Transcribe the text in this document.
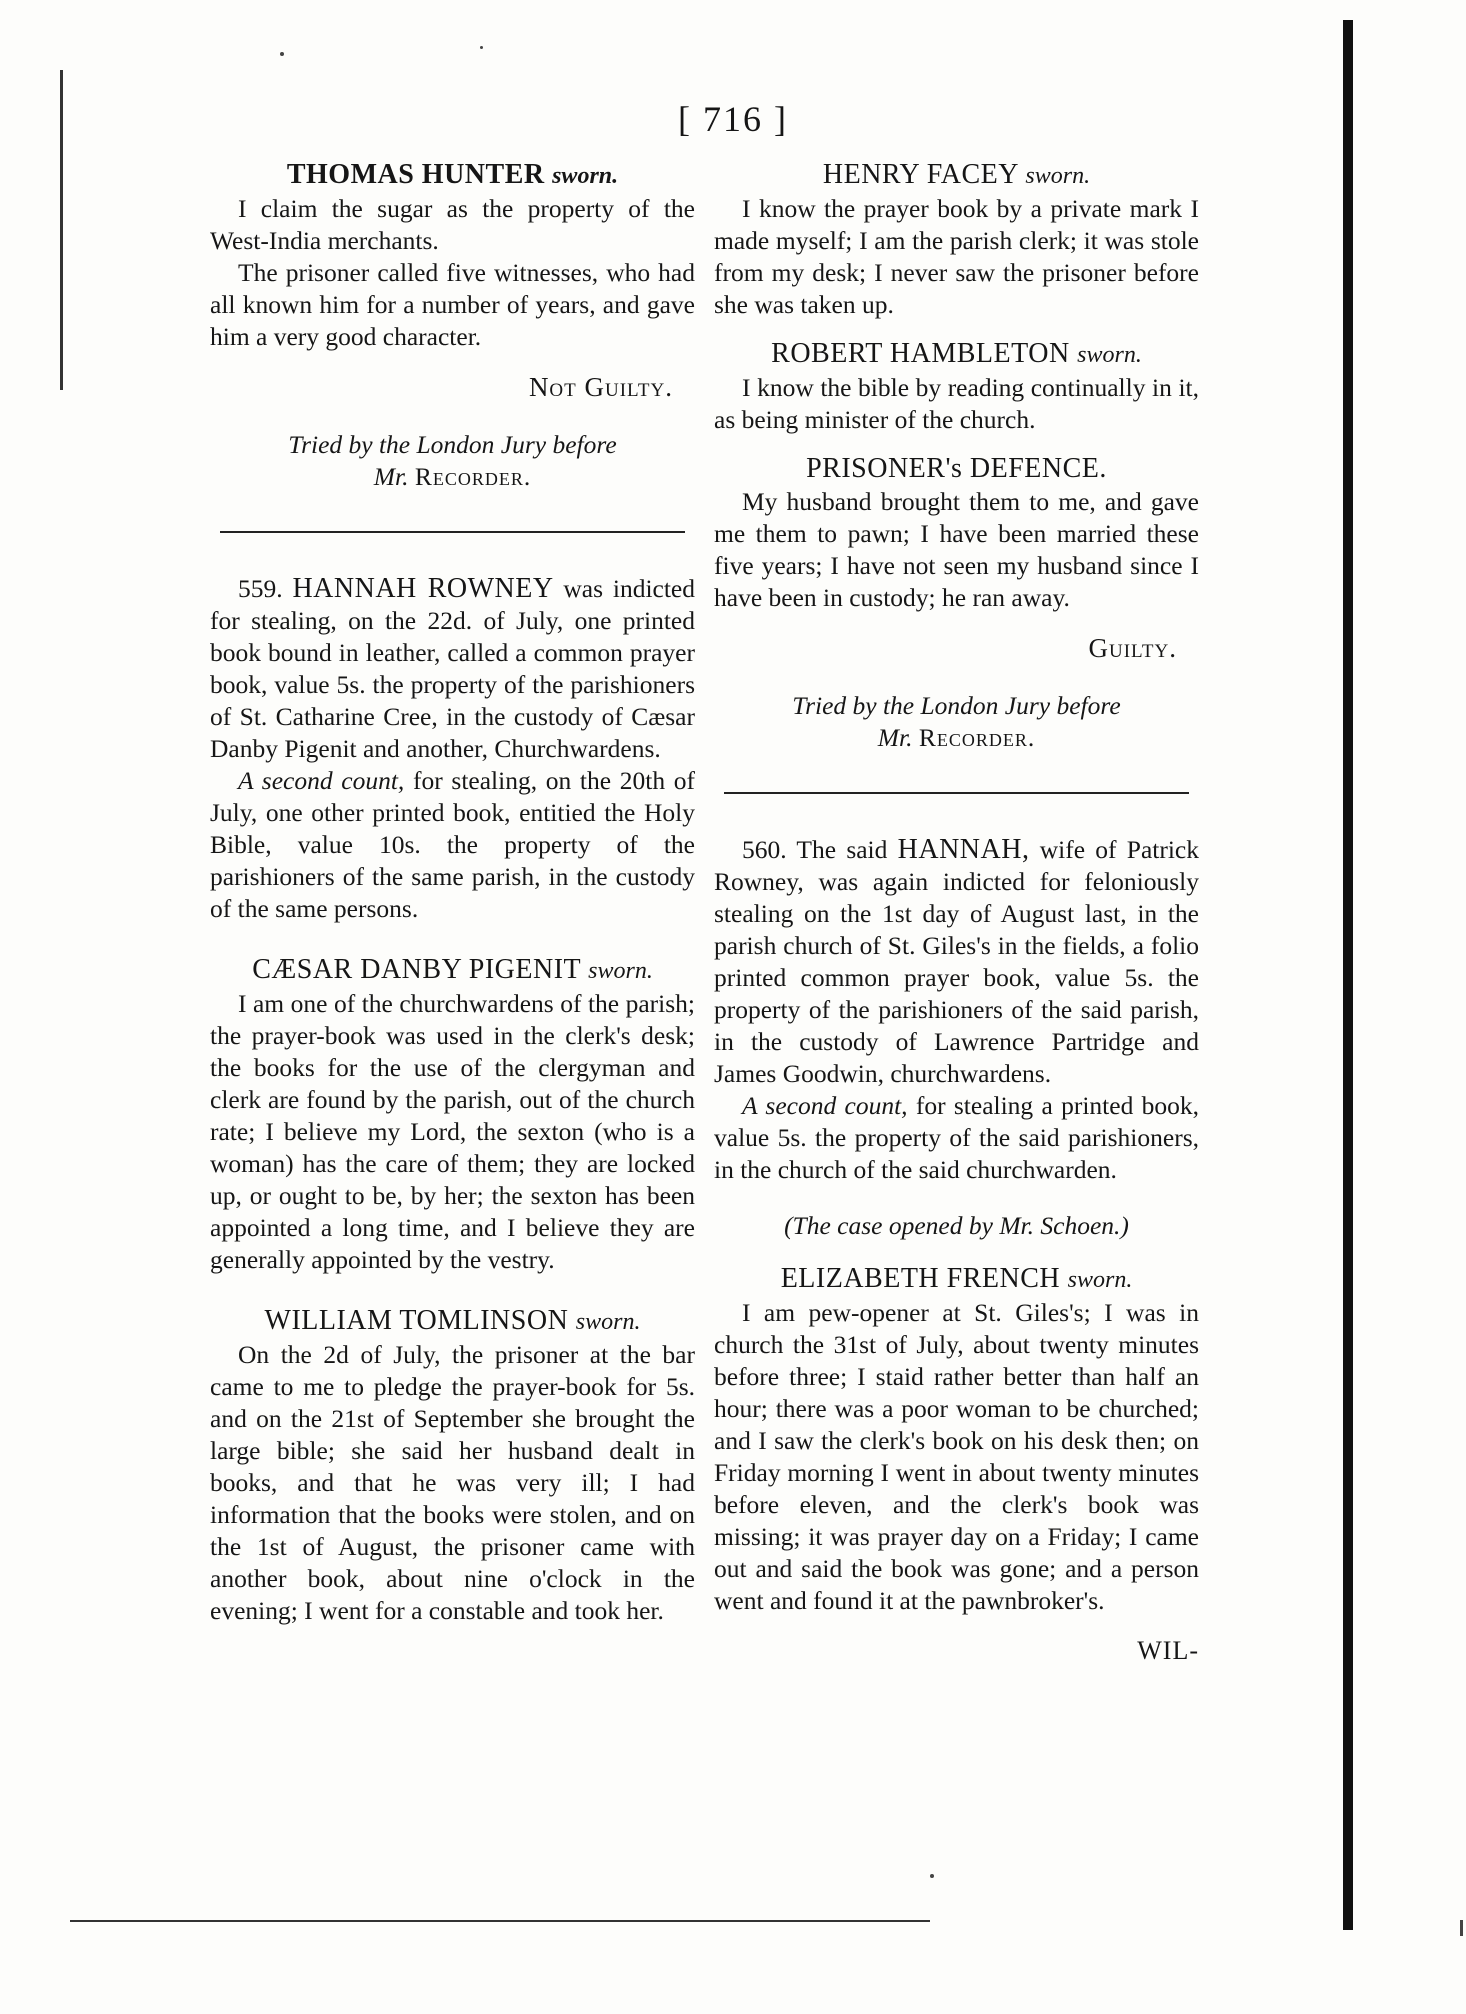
[ 716 ]

THOMAS HUNTER sworn.

I claim the sugar as the property of the West-India merchants.

The prisoner called five witnesses, who had all known him for a number of years, and gave him a very good character.

Not Guilty.

Tried by the London Jury before
Mr. Recorder.

559. HANNAH ROWNEY was indicted for stealing, on the 22d. of July, one printed book bound in leather, called a common prayer book, value 5s. the property of the parishioners of St. Catharine Cree, in the custody of Cæsar Danby Pigenit and another, Churchwardens.

A second count, for stealing, on the 20th of July, one other printed book, entitied the Holy Bible, value 10s. the property of the parishioners of the same parish, in the custody of the same persons.

CÆSAR DANBY PIGENIT sworn.

I am one of the churchwardens of the parish; the prayer-book was used in the clerk's desk; the books for the use of the clergyman and clerk are found by the parish, out of the church rate; I believe my Lord, the sexton (who is a woman) has the care of them; they are locked up, or ought to be, by her; the sexton has been appointed a long time, and I believe they are generally appointed by the vestry.

WILLIAM TOMLINSON sworn.

On the 2d of July, the prisoner at the bar came to me to pledge the prayer-book for 5s. and on the 21st of September she brought the large bible; she said her husband dealt in books, and that he was very ill; I had information that the books were stolen, and on the 1st of August, the prisoner came with another book, about nine o'clock in the evening; I went for a constable and took her.

HENRY FACEY sworn.

I know the prayer book by a private mark I made myself; I am the parish clerk; it was stole from my desk; I never saw the prisoner before she was taken up.

ROBERT HAMBLETON sworn.

I know the bible by reading continually in it, as being minister of the church.

PRISONER's DEFENCE.

My husband brought them to me, and gave me them to pawn; I have been married these five years; I have not seen my husband since I have been in custody; he ran away.

Guilty.

Tried by the London Jury before
Mr. Recorder.

560. The said HANNAH, wife of Patrick Rowney, was again indicted for feloniously stealing on the 1st day of August last, in the parish church of St. Giles's in the fields, a folio printed common prayer book, value 5s. the property of the parishioners of the said parish, in the custody of Lawrence Partridge and James Goodwin, churchwardens.

A second count, for stealing a printed book, value 5s. the property of the said parishioners, in the church of the said churchwarden.

(The case opened by Mr. Schoen.)

ELIZABETH FRENCH sworn.

I am pew-opener at St. Giles's; I was in church the 31st of July, about twenty minutes before three; I staid rather better than half an hour; there was a poor woman to be churched; and I saw the clerk's book on his desk then; on Friday morning I went in about twenty minutes before eleven, and the clerk's book was missing; it was prayer day on a Friday; I came out and said the book was gone; and a person went and found it at the pawnbroker's.

WIL-
